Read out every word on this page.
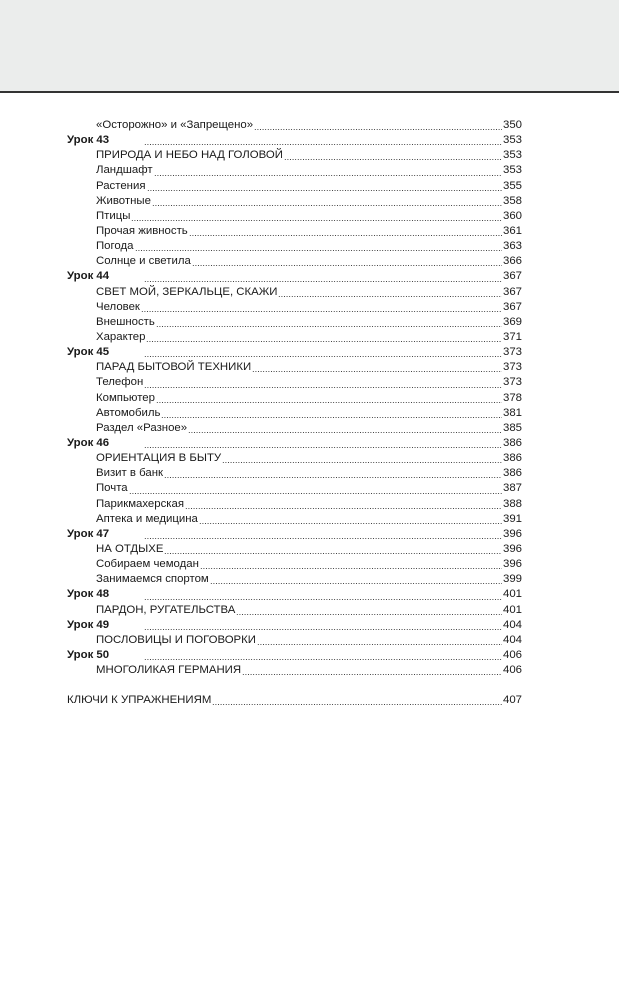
«Осторожно» и «Запрещено»	350
Урок 43	353
ПРИРОДА И НЕБО НАД ГОЛОВОЙ	353
Ландшафт	353
Растения	355
Животные	358
Птицы	360
Прочая живность	361
Погода	363
Солнце и светила	366
Урок 44	367
СВЕТ МОЙ, ЗЕРКАЛЬЦЕ, СКАЖИ	367
Человек	367
Внешность	369
Характер	371
Урок 45	373
ПАРАД БЫТОВОЙ ТЕХНИКИ	373
Телефон	373
Компьютер	378
Автомобиль	381
Раздел «Разное»	385
Урок 46	386
ОРИЕНТАЦИЯ В БЫТУ	386
Визит в банк	386
Почта	387
Парикмахерская	388
Аптека и медицина	391
Урок 47	396
НА ОТДЫХЕ	396
Собираем чемодан	396
Занимаемся спортом	399
Урок 48	401
ПАРДОН, РУГАТЕЛЬСТВА	401
Урок 49	404
ПОСЛОВИЦЫ И ПОГОВОРКИ	404
Урок 50	406
МНОГОЛИКАЯ ГЕРМАНИЯ	406
КЛЮЧИ К УПРАЖНЕНИЯМ	407
